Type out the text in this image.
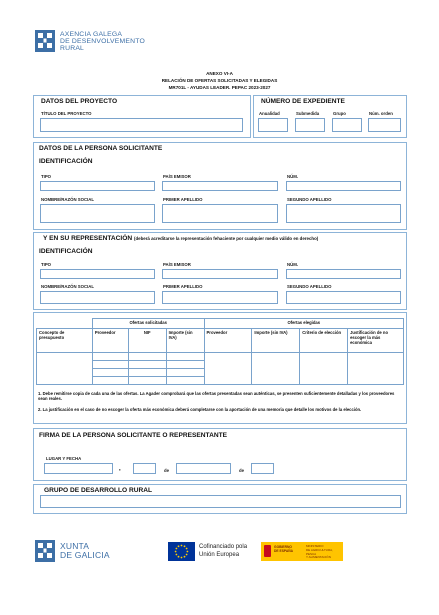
AXENCIA GALEGA
DE DESENVOLVEMENTO
RURAL
ANEXO VI-A
RELACIÓN DE OFERTAS SOLICITADAS Y ELEGIDAS
MR701L - AYUDAS LEADER. PEPAC 2023-2027
DATOS DEL PROYECTO
TÍTULO DEL PROYECTO
NÚMERO DE EXPEDIENTE
Anualidad	Submedida	Grupo	Núm. orden
DATOS DE LA PERSONA SOLICITANTE
IDENTIFICACIÓN
TIPO	PAÍS EMISOR	NÚM.
NOMBRE/RAZÓN SOCIAL	PRIMER APELLIDO	SEGUNDO APELLIDO
Y EN SU REPRESENTACIÓN (deberá acreditarse la representación fehaciente por cualquier medio válido en derecho)
IDENTIFICACIÓN
TIPO	PAÍS EMISOR	NÚM.
NOMBRE/RAZÓN SOCIAL	PRIMER APELLIDO	SEGUNDO APELLIDO
	Ofertas solicitadas			Ofertas elegidas			
Concepto de presupuesto	Proveedor	NIF	Importe (sin IVA)	Proveedor	Importe (sin IVA)	Criterio de elección	Justificación de no escoger la más económica

1. Debe remitirse copia de cada una de las ofertas. La Agader comprobará que las ofertas presentadas sean auténticas, se presenten suficientemente detalladas y los proveedores sean reales.
2. La justificación en el caso de no escoger la oferta más económica deberá completarse con la aportación de una memoria que detalle los motivos de la elección.
FIRMA DE LA PERSONA SOLICITANTE O REPRESENTANTE
LUGAR Y FECHA
,	de	de
GRUPO DE DESARROLLO RURAL
XUNTA
DE GALICIA
Cofinanciado pola
Unión Europea
GOBIERNO
DE ESPAÑA
MINISTERIO
DE AGRICULTURA, PESCA
Y ALIMENTACIÓN
